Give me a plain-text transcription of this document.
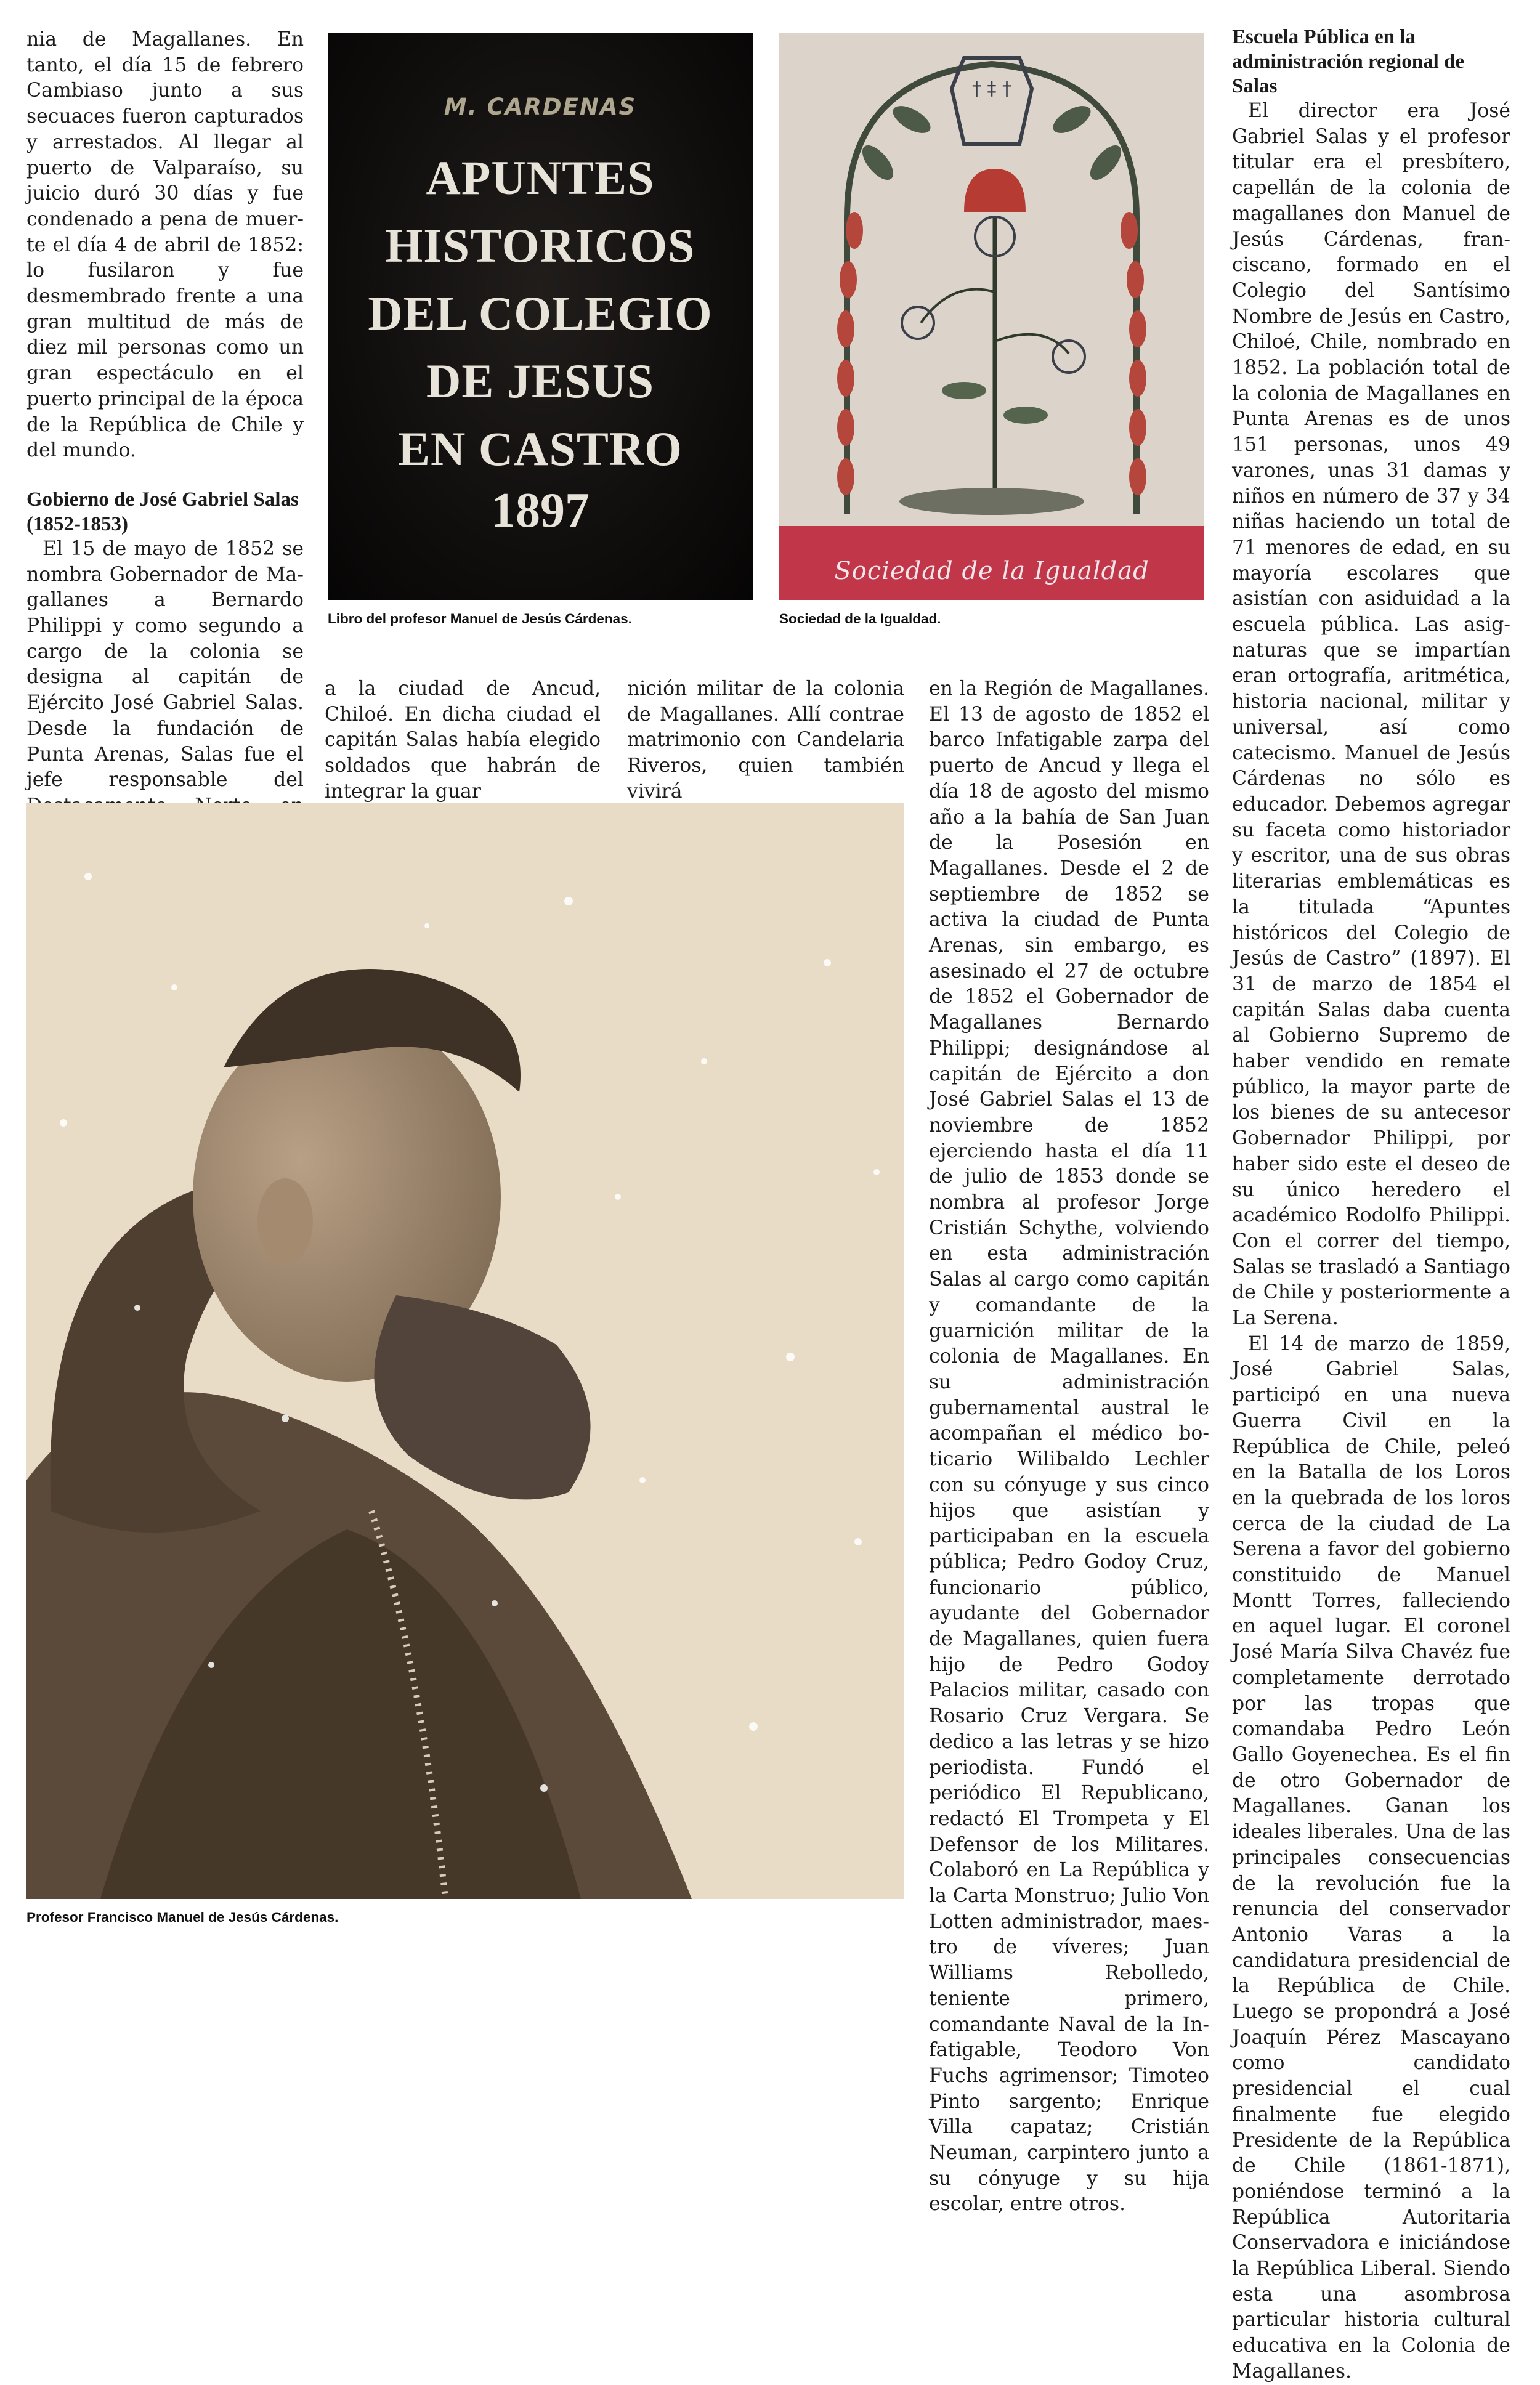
nia de Magallanes. En tanto, el día 15 de febrero Cambiaso junto a sus secuaces fueron capturados y arrestados. Al llegar al puerto de Valparaíso, su juicio duró 30 días y fue condenado a pena de muerte el día 4 de abril de 1852: lo fusilaron y fue desmembrado frente a una gran multitud de más de diez mil personas como un gran espectáculo en el puerto principal de la época de la República de Chile y del mundo.

Gobierno de José Gabriel Salas (1852-1853)

El 15 de mayo de 1852 se nombra Gobernador de Magallanes a Bernardo Philippi y como segundo a cargo de la colonia se designa al capitán de Ejército José Gabriel Salas. Desde la fundación de Punta Arenas, Salas fue el jefe responsable del

M. CARDENAS
APUNTES
HISTORICOS
DEL COLEGIO
DE JESUS
EN CASTRO
1897
Libro del profesor Manuel de Jesús Cárdenas.
† ‡ †
Sociedad de la Igualdad
Sociedad de la Igualdad.

a la ciudad de Ancud, Chiloé. En dicha ciudad el capitán Salas había elegido soldados que habrán de integrar la guar

nición militar de la colonia de Magallanes. Allí contrae matrimonio con Candelaria Riveros, quien también vivirá

en la Región de Magallanes. El 13 de agosto de 1852 el barco Infatigable zarpa del puerto de Ancud y llega el día 18 de agosto del mismo año a la bahía de San Juan de la Posesión en Magallanes. Desde el 2 de septiembre de 1852 se activa la ciudad de Punta Arenas, sin embargo, es asesinado el 27 de octubre de 1852 el Gobernador de Magallanes Bernardo Philippi; designándose al capitán de Ejército a don José Gabriel Salas el 13 de noviembre de 1852 ejerciendo hasta el día 11 de julio de 1853 donde se nombra al profesor Jorge Cristián Schythe, volviendo en esta administración Salas al cargo como capitán y comandante de la guarnición militar de la colonia de Magallanes. En su administración gubernamental austral le acompañan el médico boticario Wilibaldo Lechler con su cónyuge y sus cinco hijos que asistían y participaban en la escuela pública; Pedro Godoy Cruz, funcionario público, ayudante del Gobernador de Magallanes, quien fuera hijo de Pedro Godoy Palacios militar, casado con Rosario Cruz Vergara. Se dedico a las letras y se hizo periodista. Fundó el periódico El Republicano, redactó El Trompeta y El Defensor de los Militares. Colaboró en La República y la Carta Monstruo; Julio Von Lotten administrador, maestro de víveres; Juan Williams Rebolledo, teniente primero, comandante Naval de la Infatigable, Teodoro Von Fuchs agrimensor; Timoteo Pinto sargento; Enrique Villa capataz; Cristián Neuman, carpintero junto a su cónyuge y su hija escolar, entre otros.

Escuela Pública en la administración regional de Salas

El director era José Gabriel Salas y el profesor titular era el presbítero, capellán de la colonia de magallanes don Manuel de Jesús Cárdenas, franciscano, formado en el Colegio del Santísimo Nombre de Jesús en Castro, Chiloé, Chile, nombrado en 1852. La población total de la colonia de Magallanes en Punta Arenas es de unos 151 personas, unos 49 varones, unas 31 damas y niños en número de 37 y 34 niñas haciendo un total de 71 menores de edad, en su mayoría escolares que asistían con asiduidad a la escuela pública. Las asignaturas que se impartían eran ortografía, aritmética, historia nacional, militar y universal, así como catecismo. Manuel de Jesús Cárdenas no sólo es educador. Debemos agregar su faceta como historiador y escritor, una de sus obras literarias emblemáticas es la titulada “Apuntes históricos del Colegio de Jesús de Castro” (1897). El 31 de marzo de 1854 el capitán Salas daba cuenta al Gobierno Supremo de haber vendido en remate público, la mayor parte de los bienes de su antecesor Gobernador Philippi, por haber sido este el deseo de su único heredero el académico Rodolfo Philippi. Con el correr del tiempo, Salas se trasladó a Santiago de Chile y posteriormente a La Serena.

El 14 de marzo de 1859, José Gabriel Salas, participó en una nueva Guerra Civil en la República de Chile, peleó en la Batalla de los Loros en la quebrada de los loros cerca de la ciudad de La Serena a favor del gobierno constituido de Manuel Montt Torres, falleciendo en aquel lugar. El coronel José María Silva Chavéz fue completamente derrotado por las tropas que comandaba Pedro León Gallo Goyenechea. Es el fin de otro Gobernador de Magallanes. Ganan los ideales liberales. Una de las principales consecuencias de la revolución fue la renuncia del conservador Antonio Varas a la candidatura presidencial de la República de Chile. Luego se propondrá a José Joaquín Pérez Mascayano como candidato presidencial el cual finalmente fue elegido Presidente de la República de Chile (1861-1871), poniéndose terminó a la República Autoritaria Conservadora e iniciándose la República Liberal. Siendo esta una asombrosa particular historia cultural educativa en la Colonia de Magallanes.

Profesor Francisco Manuel de Jesús Cárdenas.
